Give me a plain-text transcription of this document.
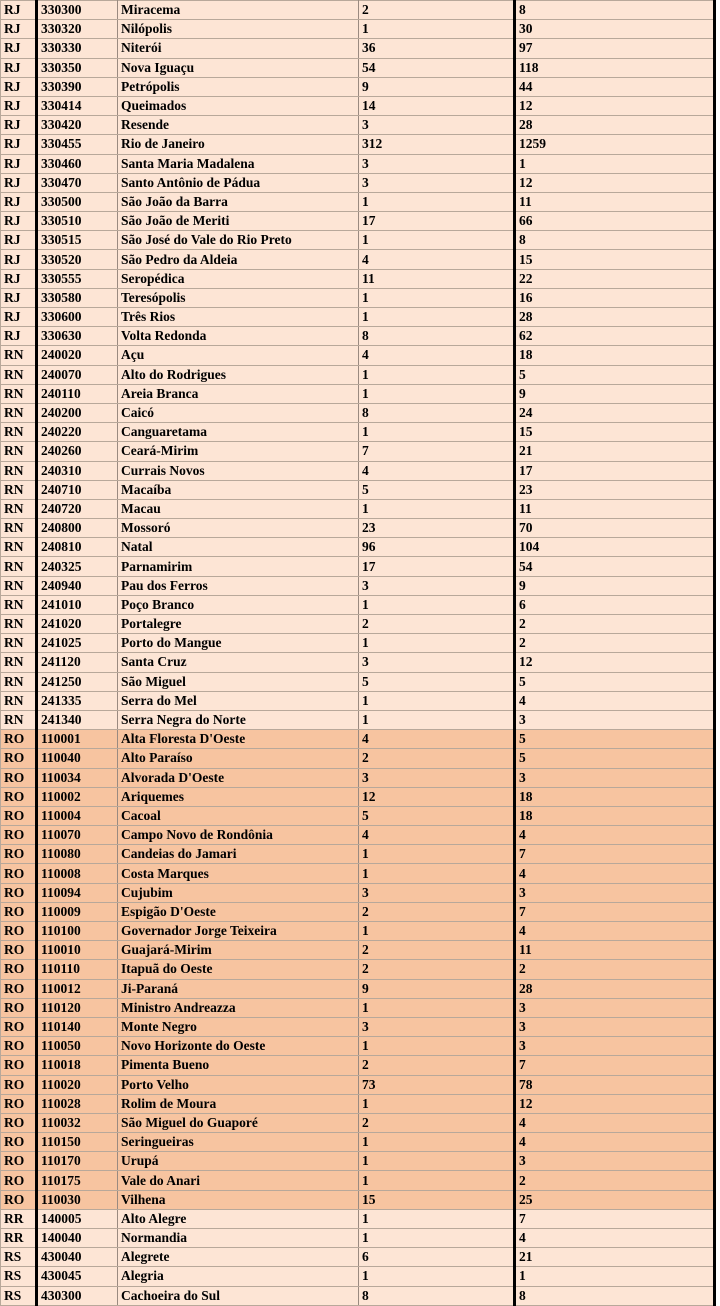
RJ	330300	Miracema	2	8
RJ	330320	Nilópolis	1	30
RJ	330330	Niterói	36	97
RJ	330350	Nova Iguaçu	54	118
RJ	330390	Petrópolis	9	44
RJ	330414	Queimados	14	12
RJ	330420	Resende	3	28
RJ	330455	Rio de Janeiro	312	1259
RJ	330460	Santa Maria Madalena	3	1
RJ	330470	Santo Antônio de Pádua	3	12
RJ	330500	São João da Barra	1	11
RJ	330510	São João de Meriti	17	66
RJ	330515	São José do Vale do Rio Preto	1	8
RJ	330520	São Pedro da Aldeia	4	15
RJ	330555	Seropédica	11	22
RJ	330580	Teresópolis	1	16
RJ	330600	Três Rios	1	28
RJ	330630	Volta Redonda	8	62
RN	240020	Açu	4	18
RN	240070	Alto do Rodrigues	1	5
RN	240110	Areia Branca	1	9
RN	240200	Caicó	8	24
RN	240220	Canguaretama	1	15
RN	240260	Ceará-Mirim	7	21
RN	240310	Currais Novos	4	17
RN	240710	Macaíba	5	23
RN	240720	Macau	1	11
RN	240800	Mossoró	23	70
RN	240810	Natal	96	104
RN	240325	Parnamirim	17	54
RN	240940	Pau dos Ferros	3	9
RN	241010	Poço Branco	1	6
RN	241020	Portalegre	2	2
RN	241025	Porto do Mangue	1	2
RN	241120	Santa Cruz	3	12
RN	241250	São Miguel	5	5
RN	241335	Serra do Mel	1	4
RN	241340	Serra Negra do Norte	1	3
RO	110001	Alta Floresta D'Oeste	4	5
RO	110040	Alto Paraíso	2	5
RO	110034	Alvorada D'Oeste	3	3
RO	110002	Ariquemes	12	18
RO	110004	Cacoal	5	18
RO	110070	Campo Novo de Rondônia	4	4
RO	110080	Candeias do Jamari	1	7
RO	110008	Costa Marques	1	4
RO	110094	Cujubim	3	3
RO	110009	Espigão D'Oeste	2	7
RO	110100	Governador Jorge Teixeira	1	4
RO	110010	Guajará-Mirim	2	11
RO	110110	Itapuã do Oeste	2	2
RO	110012	Ji-Paraná	9	28
RO	110120	Ministro Andreazza	1	3
RO	110140	Monte Negro	3	3
RO	110050	Novo Horizonte do Oeste	1	3
RO	110018	Pimenta Bueno	2	7
RO	110020	Porto Velho	73	78
RO	110028	Rolim de Moura	1	12
RO	110032	São Miguel do Guaporé	2	4
RO	110150	Seringueiras	1	4
RO	110170	Urupá	1	3
RO	110175	Vale do Anari	1	2
RO	110030	Vilhena	15	25
RR	140005	Alto Alegre	1	7
RR	140040	Normandia	1	4
RS	430040	Alegrete	6	21
RS	430045	Alegria	1	1
RS	430300	Cachoeira do Sul	8	8
